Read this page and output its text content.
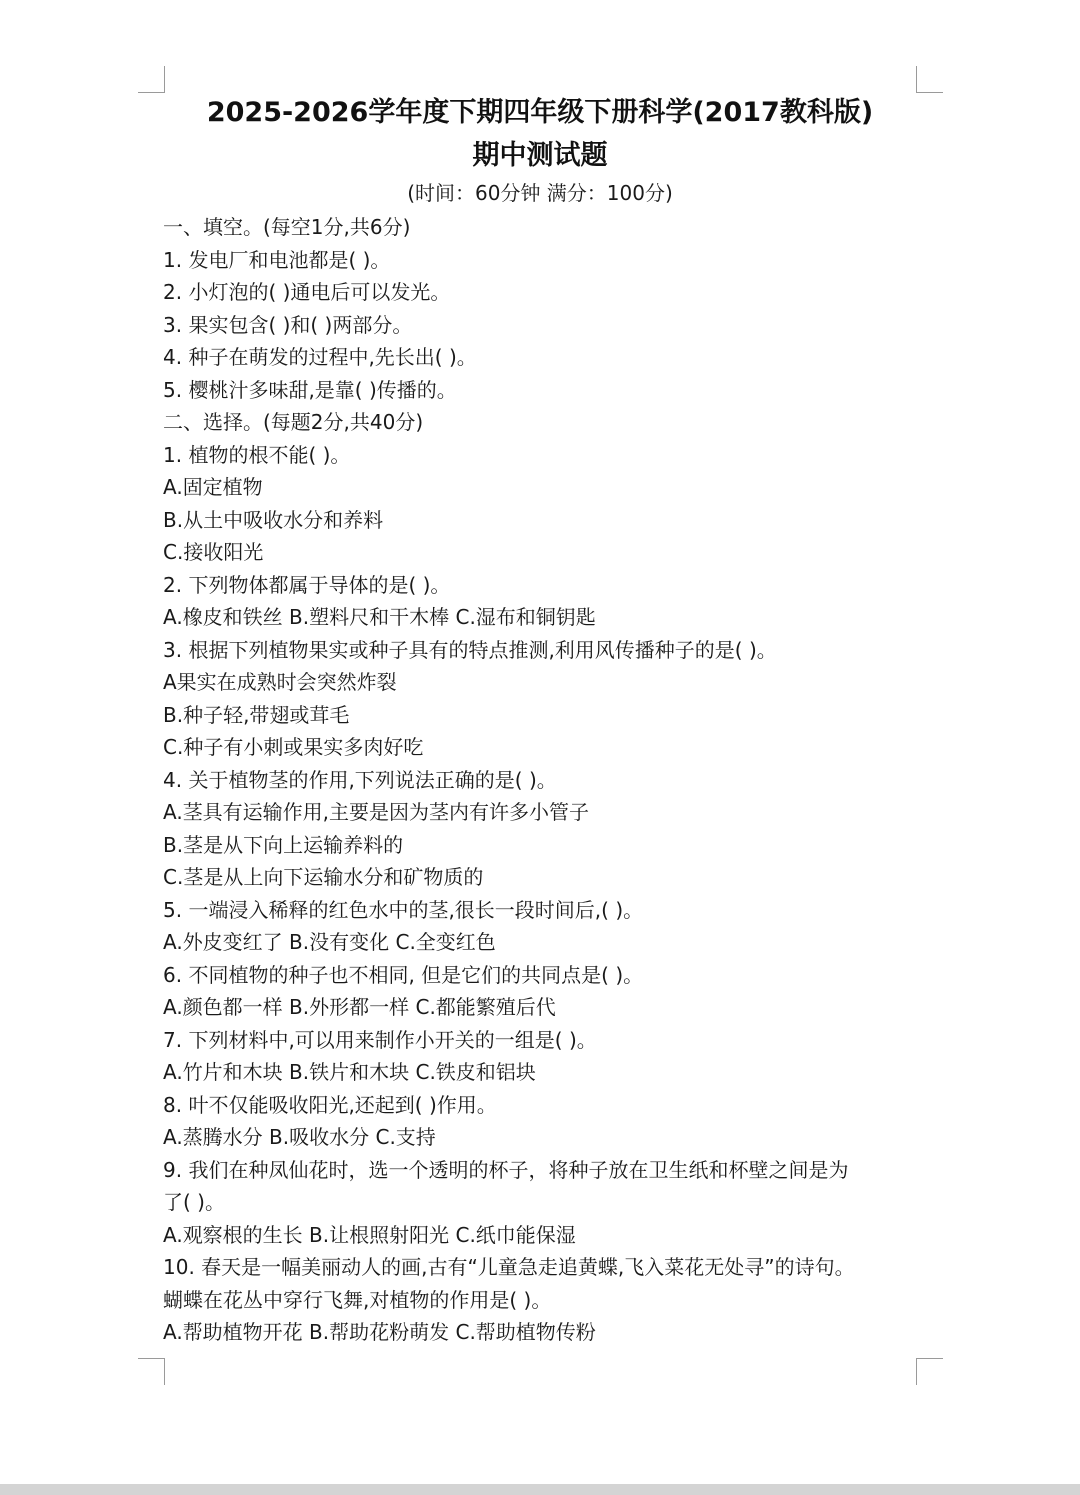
2025-2026学年度下期四年级下册科学(2017教科版)
期中测试题
(时间：60分钟 满分：100分)
一、填空。(每空1分,共6分)
1. 发电厂和电池都是( )。
2. 小灯泡的( )通电后可以发光。
3. 果实包含( )和( )两部分。
4. 种子在萌发的过程中,先长出( )。
5. 樱桃汁多味甜,是靠( )传播的。
二、选择。(每题2分,共40分)
1. 植物的根不能( )。
A.固定植物
B.从土中吸收水分和养料
C.接收阳光
2. 下列物体都属于导体的是( )。
A.橡皮和铁丝 B.塑料尺和干木棒 C.湿布和铜钥匙
3. 根据下列植物果实或种子具有的特点推测,利用风传播种子的是( )。
A果实在成熟时会突然炸裂
B.种子轻,带翅或茸毛
C.种子有小刺或果实多肉好吃
4. 关于植物茎的作用,下列说法正确的是( )。
A.茎具有运输作用,主要是因为茎内有许多小管子
B.茎是从下向上运输养料的
C.茎是从上向下运输水分和矿物质的
5. 一端浸入稀释的红色水中的茎,很长一段时间后,( )。
A.外皮变红了 B.没有变化 C.全变红色
6. 不同植物的种子也不相同, 但是它们的共同点是( )。
A.颜色都一样 B.外形都一样 C.都能繁殖后代
7. 下列材料中,可以用来制作小开关的一组是( )。
A.竹片和木块 B.铁片和木块 C.铁皮和铝块
8. 叶不仅能吸收阳光,还起到( )作用。
A.蒸腾水分 B.吸收水分 C.支持
9. 我们在种凤仙花时，选一个透明的杯子，将种子放在卫生纸和杯壁之间是为
了( )。
A.观察根的生长 B.让根照射阳光 C.纸巾能保湿
10. 春天是一幅美丽动人的画,古有“儿童急走追黄蝶,飞入菜花无处寻”的诗句。
蝴蝶在花丛中穿行飞舞,对植物的作用是( )。
A.帮助植物开花 B.帮助花粉萌发 C.帮助植物传粉
